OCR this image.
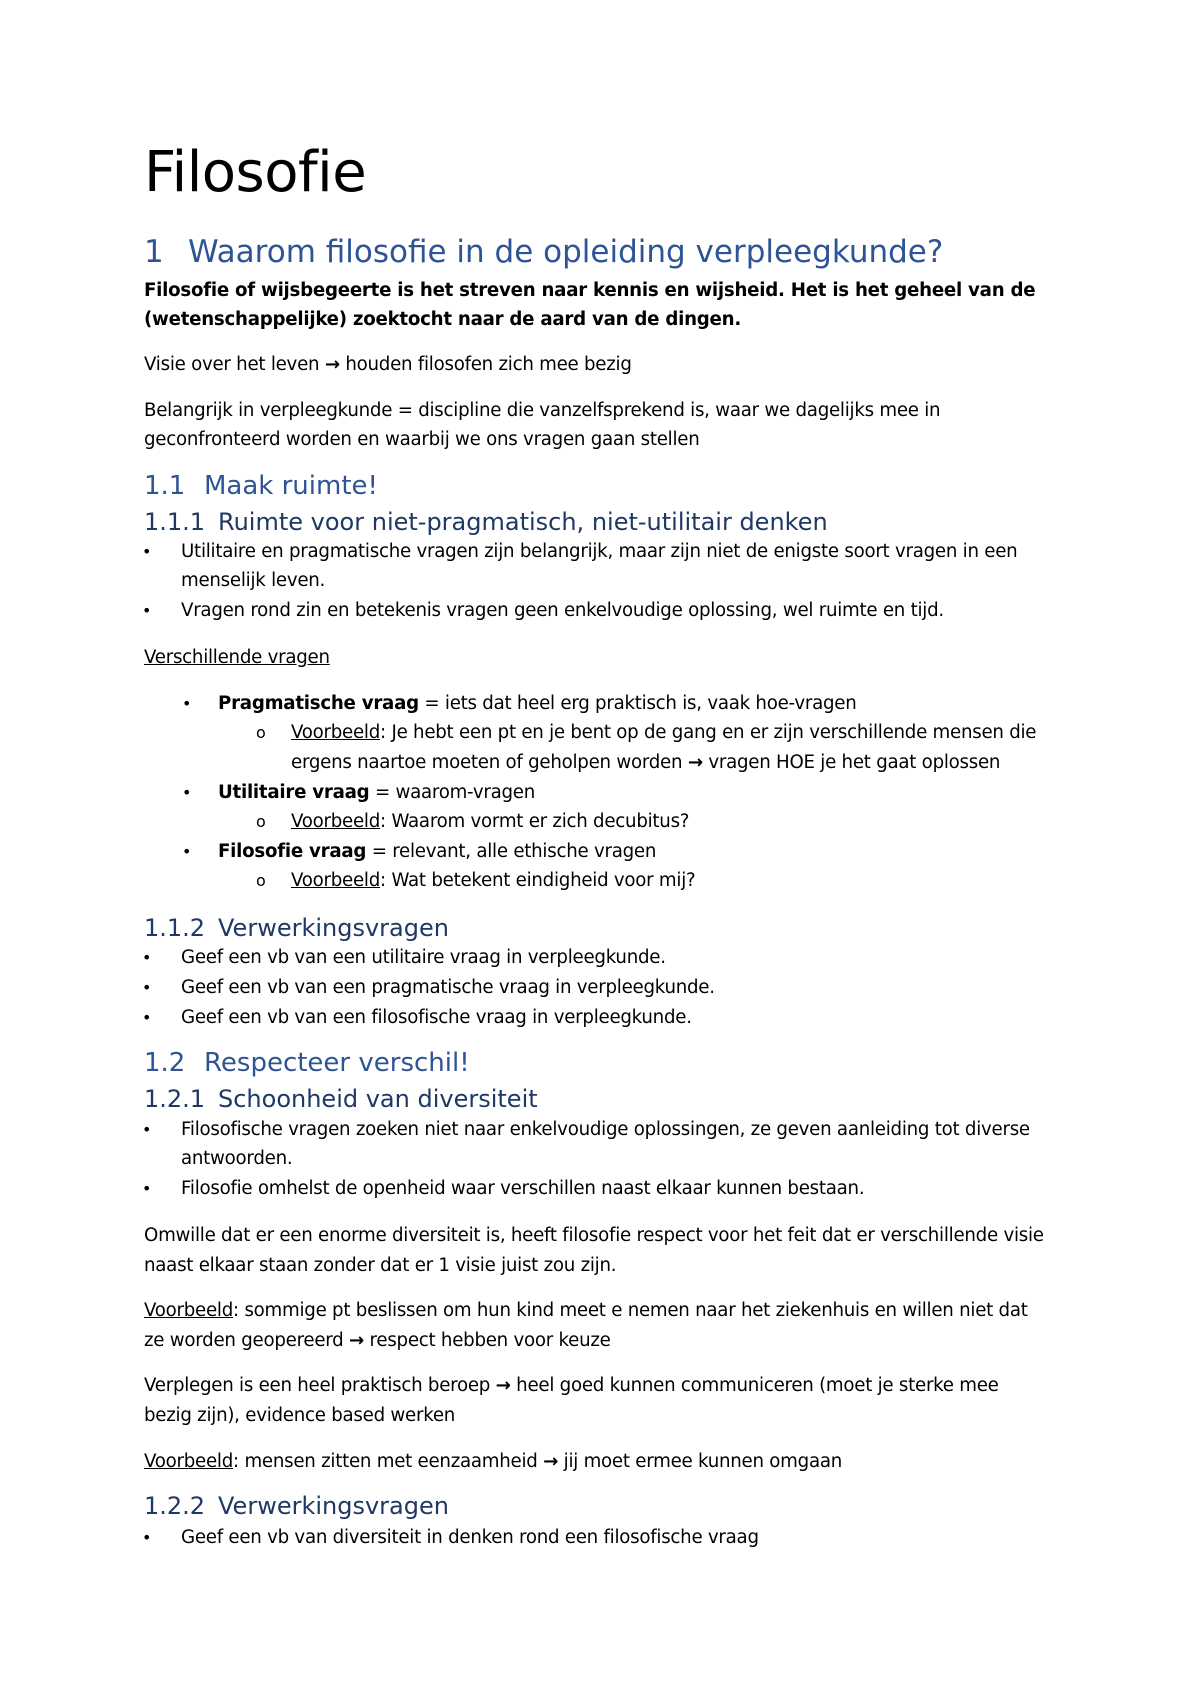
Filosofie
1 Waarom filosofie in de opleiding verpleegkunde?
Filosofie of wijsbegeerte is het streven naar kennis en wijsheid. Het is het geheel van de
(wetenschappelijke) zoektocht naar de aard van de dingen.
Visie over het leven → houden filosofen zich mee bezig
Belangrijk in verpleegkunde = discipline die vanzelfsprekend is, waar we dagelijks mee in
geconfronteerd worden en waarbij we ons vragen gaan stellen
1.1 Maak ruimte!
1.1.1 Ruimte voor niet-pragmatisch, niet-utilitair denken
• Utilitaire en pragmatische vragen zijn belangrijk, maar zijn niet de enigste soort vragen in een
menselijk leven.
• Vragen rond zin en betekenis vragen geen enkelvoudige oplossing, wel ruimte en tijd.
Verschillende vragen
• Pragmatische vraag = iets dat heel erg praktisch is, vaak hoe-vragen
o Voorbeeld: Je hebt een pt en je bent op de gang en er zijn verschillende mensen die
ergens naartoe moeten of geholpen worden → vragen HOE je het gaat oplossen
• Utilitaire vraag = waarom-vragen
o Voorbeeld: Waarom vormt er zich decubitus?
• Filosofie vraag = relevant, alle ethische vragen
o Voorbeeld: Wat betekent eindigheid voor mij?
1.1.2 Verwerkingsvragen
• Geef een vb van een utilitaire vraag in verpleegkunde.
• Geef een vb van een pragmatische vraag in verpleegkunde.
• Geef een vb van een filosofische vraag in verpleegkunde.
1.2 Respecteer verschil!
1.2.1 Schoonheid van diversiteit
• Filosofische vragen zoeken niet naar enkelvoudige oplossingen, ze geven aanleiding tot diverse
antwoorden.
• Filosofie omhelst de openheid waar verschillen naast elkaar kunnen bestaan.
Omwille dat er een enorme diversiteit is, heeft filosofie respect voor het feit dat er verschillende visie
naast elkaar staan zonder dat er 1 visie juist zou zijn.
Voorbeeld: sommige pt beslissen om hun kind meet e nemen naar het ziekenhuis en willen niet dat
ze worden geopereerd → respect hebben voor keuze
Verplegen is een heel praktisch beroep → heel goed kunnen communiceren (moet je sterke mee
bezig zijn), evidence based werken
Voorbeeld: mensen zitten met eenzaamheid → jij moet ermee kunnen omgaan
1.2.2 Verwerkingsvragen
• Geef een vb van diversiteit in denken rond een filosofische vraag
